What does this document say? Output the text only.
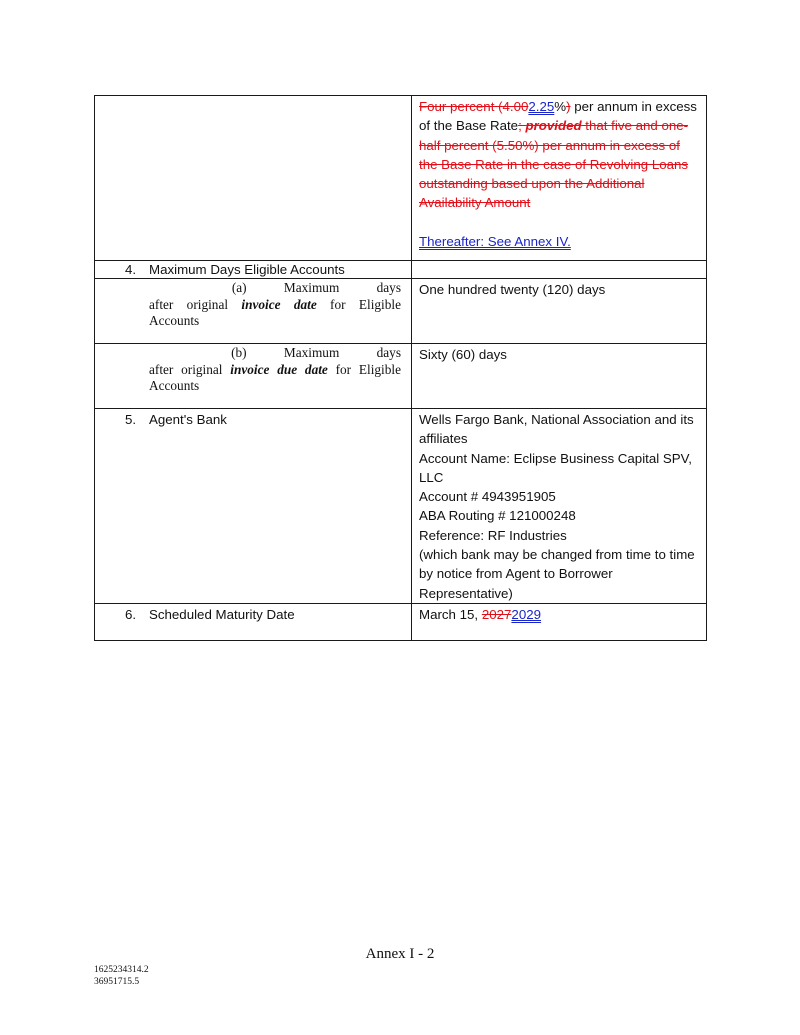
	Four percent (4.002.25%) per annum in excess of the Base Rate; provided that five and one-half percent (5.50%) per annum in excess of the Base Rate in the case of Revolving Loans outstanding based upon the Additional Availability Amount
Thereafter: See Annex IV.

4. Maximum Days Eligible Accounts	

(a) Maximum days
after original invoice date for Eligible Accounts	One hundred twenty (120) days

(b) Maximum days
after original invoice due date for Eligible Accounts	Sixty (60) days

5. Agent's Bank	Wells Fargo Bank, National Association and its affiliates
Account Name: Eclipse Business Capital SPV, LLC
Account # 4943951905
ABA Routing # 121000248
Reference: RF Industries
(which bank may be changed from time to time by notice from Agent to Borrower Representative)

6. Scheduled Maturity Date	March 15, 20272029
Annex I - 2
1625234314.2
36951715.5
